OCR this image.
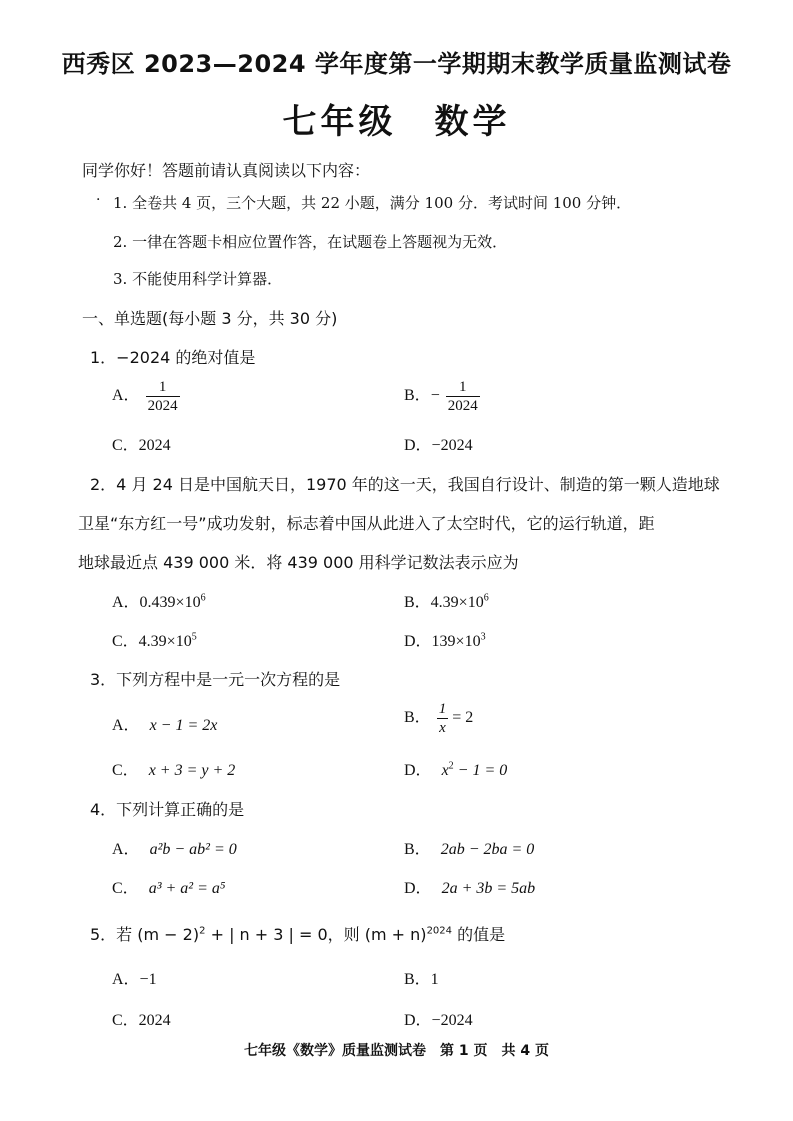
西秀区 2023—2024 学年度第一学期期末教学质量监测试卷
七年级　数学
同学你好！答题前请认真阅读以下内容：
· 1. 全卷共 4 页，三个大题，共 22 小题，满分 100 分．考试时间 100 分钟．
2. 一律在答题卡相应位置作答，在试题卷上答题视为无效．
3. 不能使用科学计算器．
一、单选题(每小题 3 分，共 30 分)
1．−2024 的绝对值是
A． $\frac{1}{2024}$	B．− $\frac{1}{2024}$
C．2024	D．−2024
2．4 月 24 日是中国航天日，1970 年的这一天，我国自行设计、制造的第一颗人造地球
卫星“东方红一号”成功发射，标志着中国从此进入了太空时代，它的运行轨道，距
地球最近点 439 000 米．将 439 000 用科学记数法表示应为
A．$0.439\times 10^6$	B．$4.39\times 10^6$
C．$4.39\times 10^5$	D．$139\times 10^3$
3．下列方程中是一元一次方程的是
A． x − 1 = 2x	B． $\frac{1}{x} = 2$
C． x + 3 = y + 2	D． $x^2 - 1 = 0$
4．下列计算正确的是
A． a²b − ab² = 0	B． 2ab − 2ba = 0
C． a³ + a² = a⁵	D． 2a + 3b = 5ab
5．若 $(m - 2)^2$ + | n + 3 | = 0，则 $(m + n)^{2024}$ 的值是
A．−1	B．1
C．2024	D．−2024
七年级《数学》质量监测试卷　第 1 页　共 4 页
